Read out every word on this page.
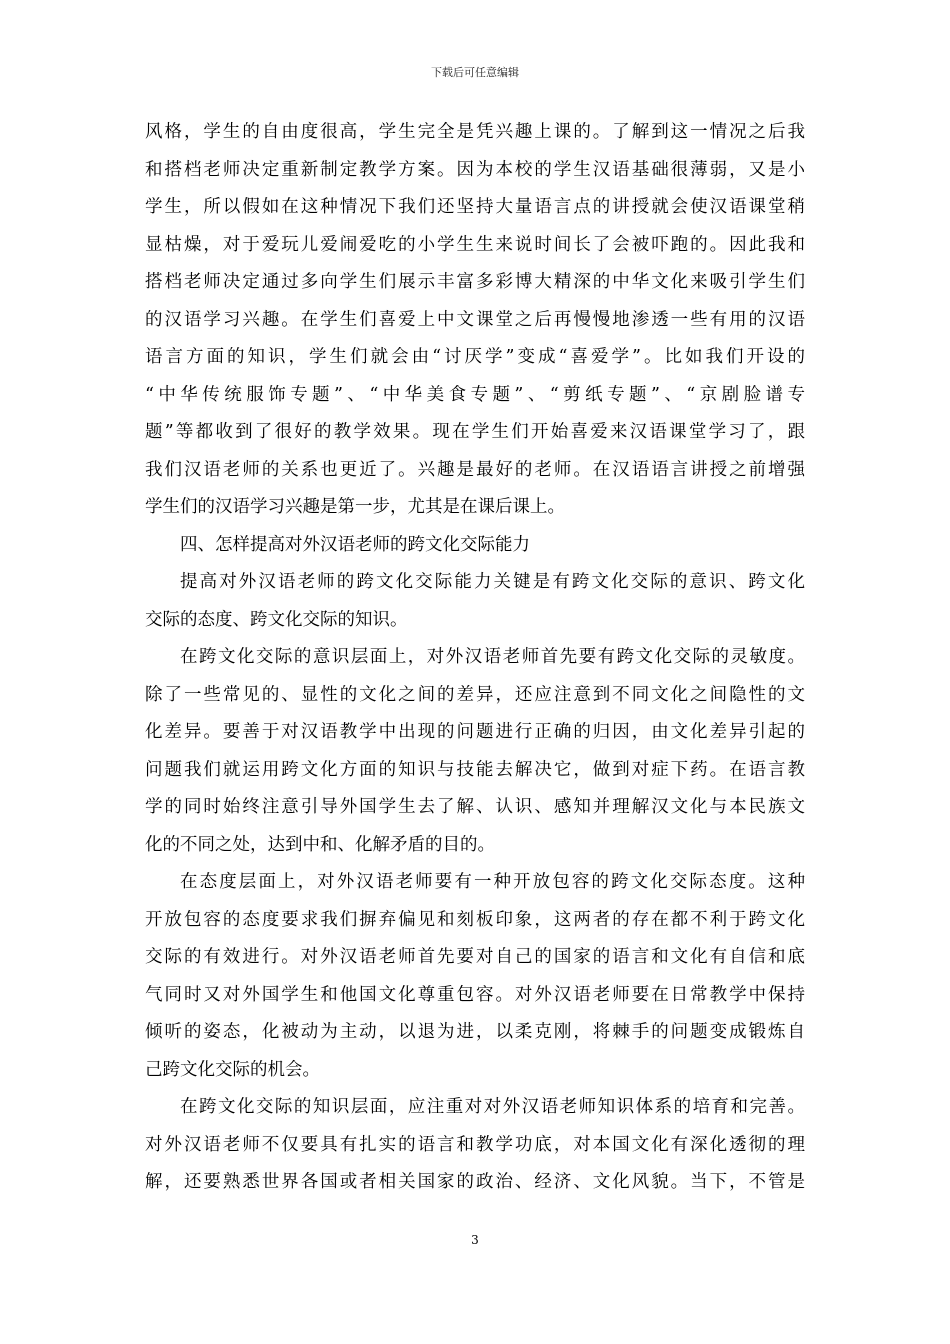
下载后可任意编辑
风格，学生的自由度很高，学生完全是凭兴趣上课的。了解到这一情况之后我
和搭档老师决定重新制定教学方案。因为本校的学生汉语基础很薄弱，又是小
学生，所以假如在这种情况下我们还坚持大量语言点的讲授就会使汉语课堂稍
显枯燥，对于爱玩儿爱闹爱吃的小学生生来说时间长了会被吓跑的。因此我和
搭档老师决定通过多向学生们展示丰富多彩博大精深的中华文化来吸引学生们
的汉语学习兴趣。在学生们喜爱上中文课堂之后再慢慢地渗透一些有用的汉语
语言方面的知识，学生们就会由“讨厌学”变成“喜爱学”。比如我们开设的
“中华传统服饰专题”、“中华美食专题”、“剪纸专题”、“京剧脸谱专
题”等都收到了很好的教学效果。现在学生们开始喜爱来汉语课堂学习了，跟
我们汉语老师的关系也更近了。兴趣是最好的老师。在汉语语言讲授之前增强
学生们的汉语学习兴趣是第一步，尤其是在课后课上。
四、怎样提高对外汉语老师的跨文化交际能力
提高对外汉语老师的跨文化交际能力关键是有跨文化交际的意识、跨文化
交际的态度、跨文化交际的知识。
在跨文化交际的意识层面上，对外汉语老师首先要有跨文化交际的灵敏度。
除了一些常见的、显性的文化之间的差异，还应注意到不同文化之间隐性的文
化差异。要善于对汉语教学中出现的问题进行正确的归因，由文化差异引起的
问题我们就运用跨文化方面的知识与技能去解决它，做到对症下药。在语言教
学的同时始终注意引导外国学生去了解、认识、感知并理解汉文化与本民族文
化的不同之处，达到中和、化解矛盾的目的。
在态度层面上，对外汉语老师要有一种开放包容的跨文化交际态度。这种
开放包容的态度要求我们摒弃偏见和刻板印象，这两者的存在都不利于跨文化
交际的有效进行。对外汉语老师首先要对自己的国家的语言和文化有自信和底
气同时又对外国学生和他国文化尊重包容。对外汉语老师要在日常教学中保持
倾听的姿态，化被动为主动，以退为进，以柔克刚，将棘手的问题变成锻炼自
己跨文化交际的机会。
在跨文化交际的知识层面，应注重对对外汉语老师知识体系的培育和完善。
对外汉语老师不仅要具有扎实的语言和教学功底，对本国文化有深化透彻的理
解，还要熟悉世界各国或者相关国家的政治、经济、文化风貌。当下，不管是
3
